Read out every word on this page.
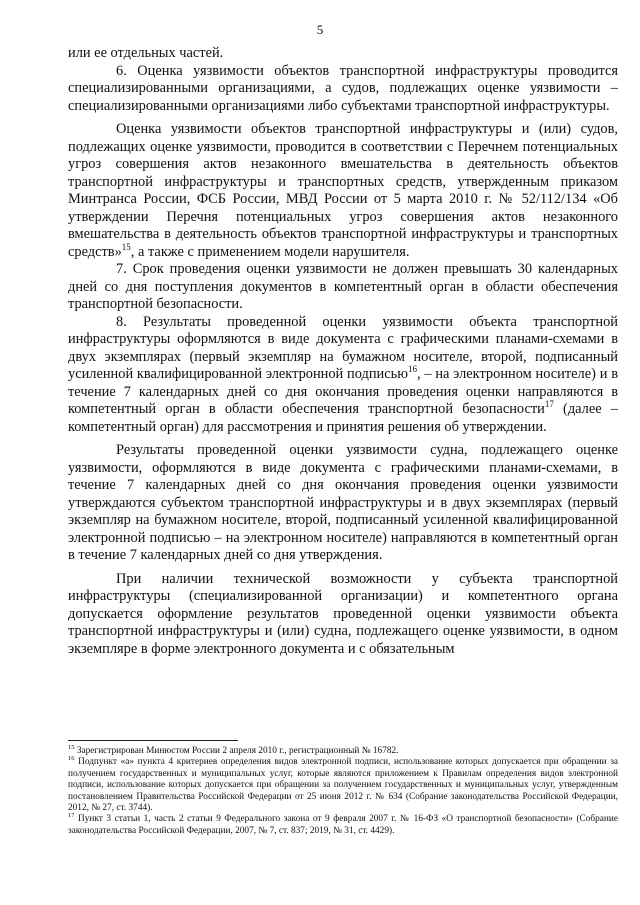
5

или ее отдельных частей.

6. Оценка уязвимости объектов транспортной инфраструктуры проводится специализированными организациями, а судов, подлежащих оценке уязвимости – специализированными организациями либо субъектами транспортной инфраструктуры.

Оценка уязвимости объектов транспортной инфраструктуры и (или) судов, подлежащих оценке уязвимости, проводится в соответствии с Перечнем потенциальных угроз совершения актов незаконного вмешательства в деятельность объектов транспортной инфраструктуры и транспортных средств, утвержденным приказом Минтранса России, ФСБ России, МВД России от 5 марта 2010 г. № 52/112/134 «Об утверждении Перечня потенциальных угроз совершения актов незаконного вмешательства в деятельность объектов транспортной инфраструктуры и транспортных средств»$^{15}$, а также с применением модели нарушителя.

7. Срок проведения оценки уязвимости не должен превышать 30 календарных дней со дня поступления документов в компетентный орган в области обеспечения транспортной безопасности.

8. Результаты проведенной оценки уязвимости объекта транспортной инфраструктуры оформляются в виде документа с графическими планами-схемами в двух экземплярах (первый экземпляр на бумажном носителе, второй, подписанный усиленной квалифицированной электронной подписью$^{16}$, – на электронном носителе) и в течение 7 календарных дней со дня окончания проведения оценки направляются в компетентный орган в области обеспечения транспортной безопасности$^{17}$ (далее – компетентный орган) для рассмотрения и принятия решения об утверждении.

Результаты проведенной оценки уязвимости судна, подлежащего оценке уязвимости, оформляются в виде документа с графическими планами-схемами, в течение 7 календарных дней со дня окончания проведения оценки уязвимости утверждаются субъектом транспортной инфраструктуры и в двух экземплярах (первый экземпляр на бумажном носителе, второй, подписанный усиленной квалифицированной электронной подписью – на электронном носителе) направляются в компетентный орган в течение 7 календарных дней со дня утверждения.

При наличии технической возможности у субъекта транспортной инфраструктуры (специализированной организации) и компетентного органа допускается оформление результатов проведенной оценки уязвимости объекта транспортной инфраструктуры и (или) судна, подлежащего оценке уязвимости, в одном экземпляре в форме электронного документа и с обязательным

$^{15}$ Зарегистрирован Минюстом России 2 апреля 2010 г., регистрационный № 16782.

$^{16}$ Подпункт «а» пункта 4 критериев определения видов электронной подписи, использование которых допускается при обращении за получением государственных и муниципальных услуг, которые являются приложением к Правилам определения видов электронной подписи, использование которых допускается при обращении за получением государственных и муниципальных услуг, утвержденным постановлением Правительства Российской Федерации от 25 июня 2012 г. № 634 (Собрание законодательства Российской Федерации, 2012, № 27, ст. 3744).

$^{17}$ Пункт 3 статьи 1, часть 2 статьи 9 Федерального закона от 9 февраля 2007 г. № 16-ФЗ «О транспортной безопасности» (Собрание законодательства Российской Федерации, 2007, № 7, ст. 837; 2019, № 31, ст. 4429).
